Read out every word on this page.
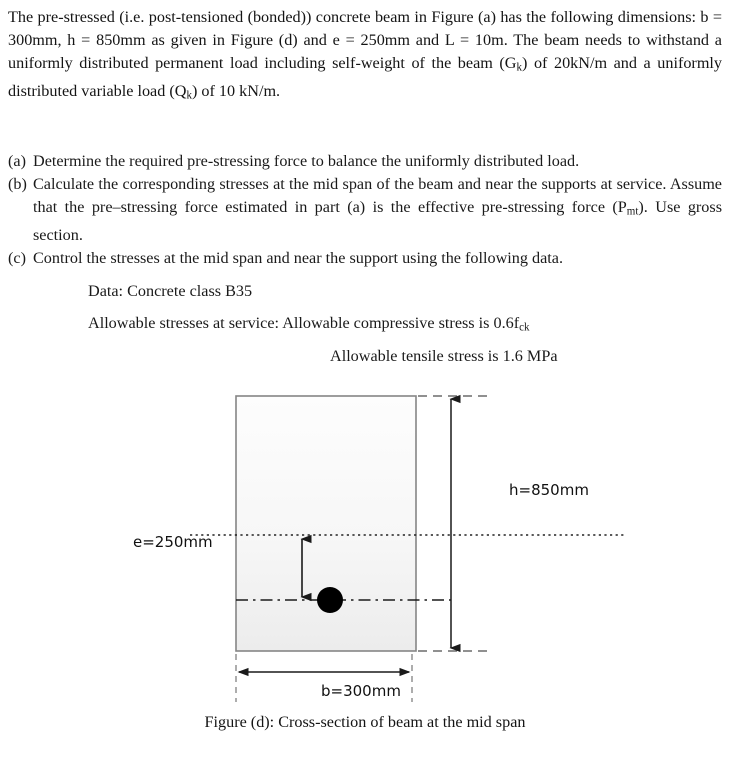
The pre-stressed (i.e. post-tensioned (bonded)) concrete beam in Figure (a) has the following dimensions: b = 300mm, h = 850mm as given in Figure (d) and e = 250mm and L = 10m. The beam needs to withstand a uniformly distributed permanent load including self-weight of the beam $(G_k)$ of 20kN/m and a uniformly distributed variable load $(Q_k)$ of 10 kN/m.
(a) Determine the required pre-stressing force to balance the uniformly distributed load.
(b) Calculate the corresponding stresses at the mid span of the beam and near the supports at service. Assume that the pre–stressing force estimated in part (a) is the effective pre-stressing force $(P_{mt})$. Use gross section.
(c) Control the stresses at the mid span and near the support using the following data.
Data: Concrete class B35
Allowable stresses at service: Allowable compressive stress is $0.6f_{ck}$
Allowable tensile stress is 1.6 MPa
e=250mm
h=850mm
b=300mm
Figure (d): Cross-section of beam at the mid span
